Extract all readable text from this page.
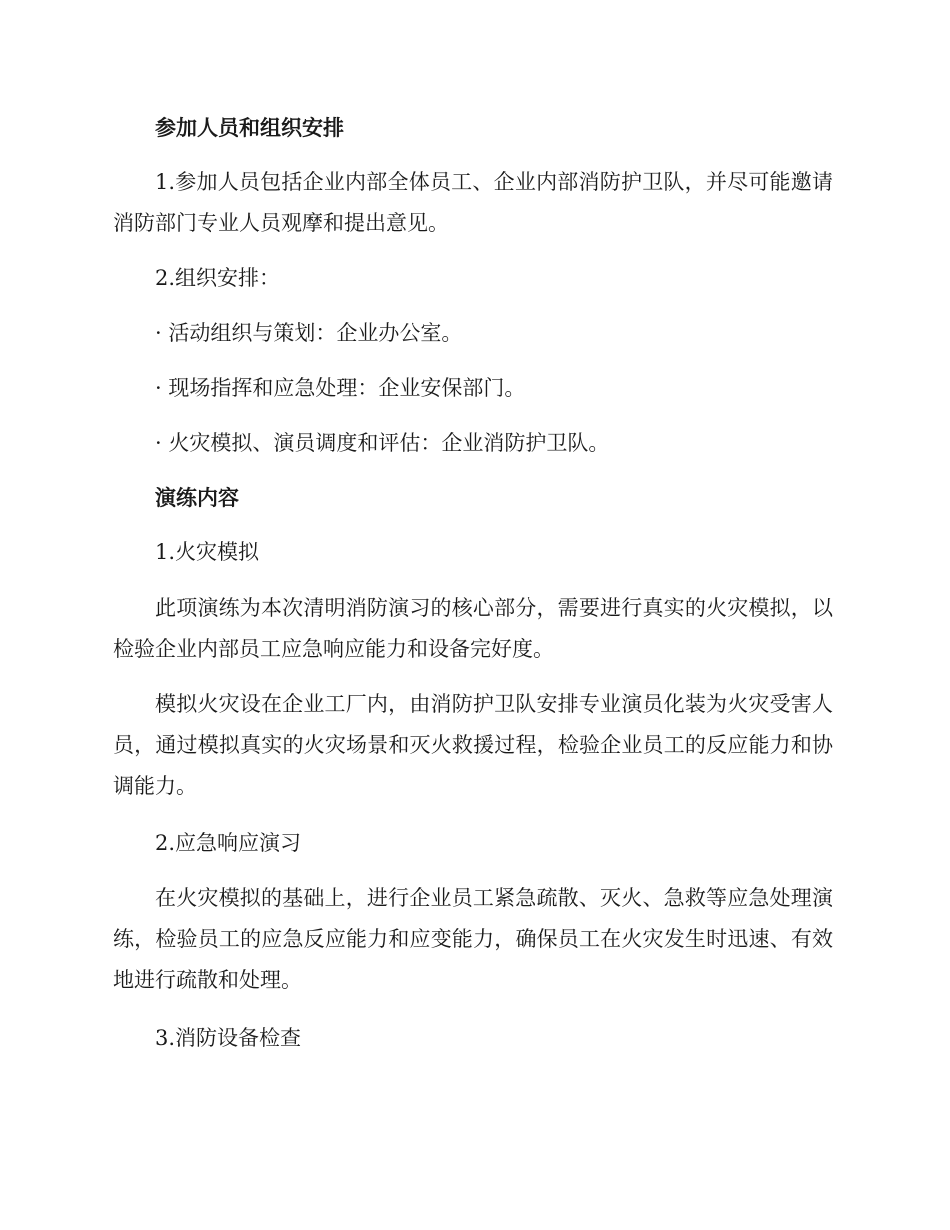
参加人员和组织安排

1.参加人员包括企业内部全体员工、企业内部消防护卫队，并尽可能邀请消防部门专业人员观摩和提出意见。

2.组织安排：

· 活动组织与策划：企业办公室。

· 现场指挥和应急处理：企业安保部门。

· 火灾模拟、演员调度和评估：企业消防护卫队。

演练内容

1.火灾模拟

此项演练为本次清明消防演习的核心部分，需要进行真实的火灾模拟，以检验企业内部员工应急响应能力和设备完好度。

模拟火灾设在企业工厂内，由消防护卫队安排专业演员化装为火灾受害人员，通过模拟真实的火灾场景和灭火救援过程，检验企业员工的反应能力和协调能力。

2.应急响应演习

在火灾模拟的基础上，进行企业员工紧急疏散、灭火、急救等应急处理演练，检验员工的应急反应能力和应变能力，确保员工在火灾发生时迅速、有效地进行疏散和处理。

3.消防设备检查
